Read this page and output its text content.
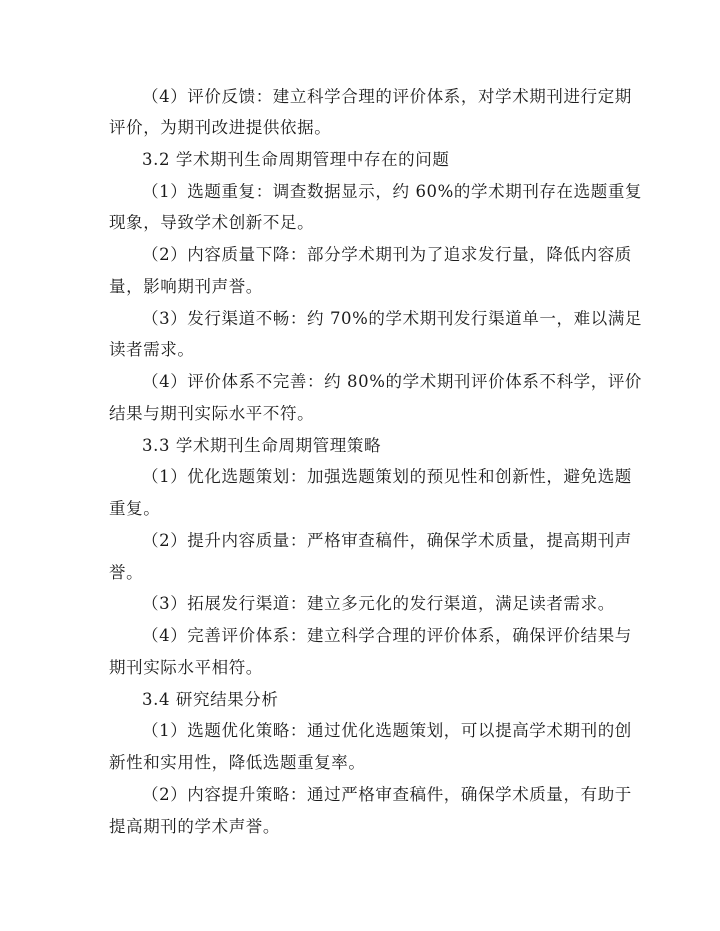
（4）评价反馈：建立科学合理的评价体系，对学术期刊进行定期
评价，为期刊改进提供依据。
3.2 学术期刊生命周期管理中存在的问题
（1）选题重复：调查数据显示，约 60%的学术期刊存在选题重复
现象，导致学术创新不足。
（2）内容质量下降：部分学术期刊为了追求发行量，降低内容质
量，影响期刊声誉。
（3）发行渠道不畅：约 70%的学术期刊发行渠道单一，难以满足
读者需求。
（4）评价体系不完善：约 80%的学术期刊评价体系不科学，评价
结果与期刊实际水平不符。
3.3 学术期刊生命周期管理策略
（1）优化选题策划：加强选题策划的预见性和创新性，避免选题
重复。
（2）提升内容质量：严格审查稿件，确保学术质量，提高期刊声
誉。
（3）拓展发行渠道：建立多元化的发行渠道，满足读者需求。
（4）完善评价体系：建立科学合理的评价体系，确保评价结果与
期刊实际水平相符。
3.4 研究结果分析
（1）选题优化策略：通过优化选题策划，可以提高学术期刊的创
新性和实用性，降低选题重复率。
（2）内容提升策略：通过严格审查稿件，确保学术质量，有助于
提高期刊的学术声誉。
